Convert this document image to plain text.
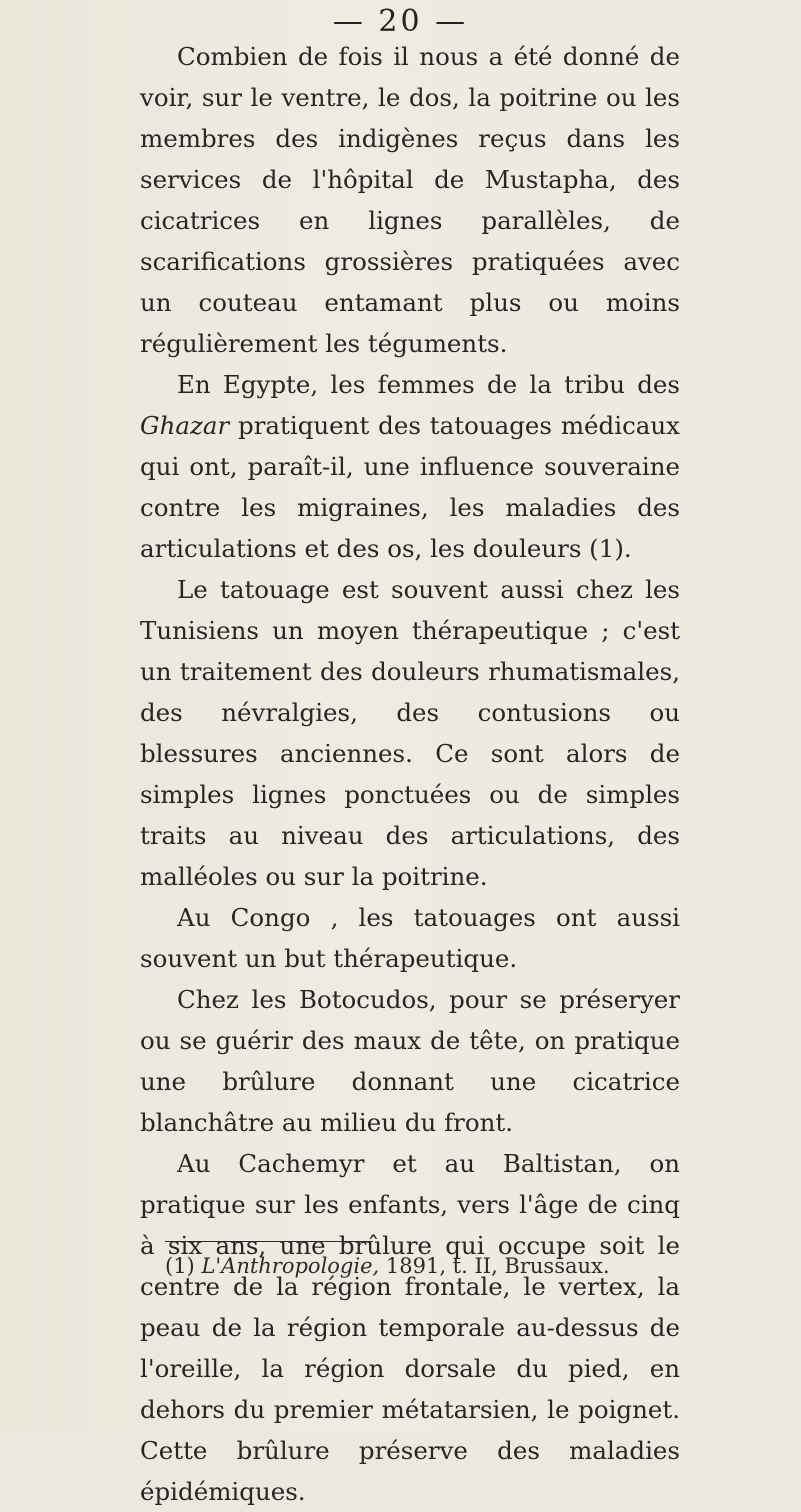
— 20 —

Combien de fois il nous a été donné de voir, sur le ventre, le dos, la poitrine ou les membres des indigènes reçus dans les services de l'hôpital de Mustapha, des cicatrices en lignes parallèles, de scarifications grossières pratiquées avec un couteau entamant plus ou moins régulièrement les téguments.

En Egypte, les femmes de la tribu des Ghazar pratiquent des tatouages médicaux qui ont, paraît-il, une influence souveraine contre les migraines, les maladies des articulations et des os, les douleurs (1).

Le tatouage est souvent aussi chez les Tunisiens un moyen thérapeutique ; c'est un traitement des douleurs rhumatismales, des névralgies, des contusions ou blessures anciennes. Ce sont alors de simples lignes ponctuées ou de simples traits au niveau des articulations, des malléoles ou sur la poitrine.

Au Congo , les tatouages ont aussi souvent un but thérapeutique.

Chez les Botocudos, pour se préseryer ou se guérir des maux de tête, on pratique une brûlure donnant une cicatrice blanchâtre au milieu du front.

Au Cachemyr et au Baltistan, on pratique sur les enfants, vers l'âge de cinq à six ans, une brûlure qui occupe soit le centre de la région frontale, le vertex, la peau de la région temporale au-dessus de l'oreille, la région dorsale du pied, en dehors du premier métatarsien, le poignet. Cette brûlure préserve des maladies épidémiques.

(1) L'Anthropologie, 1891, t. II, Brussaux.
